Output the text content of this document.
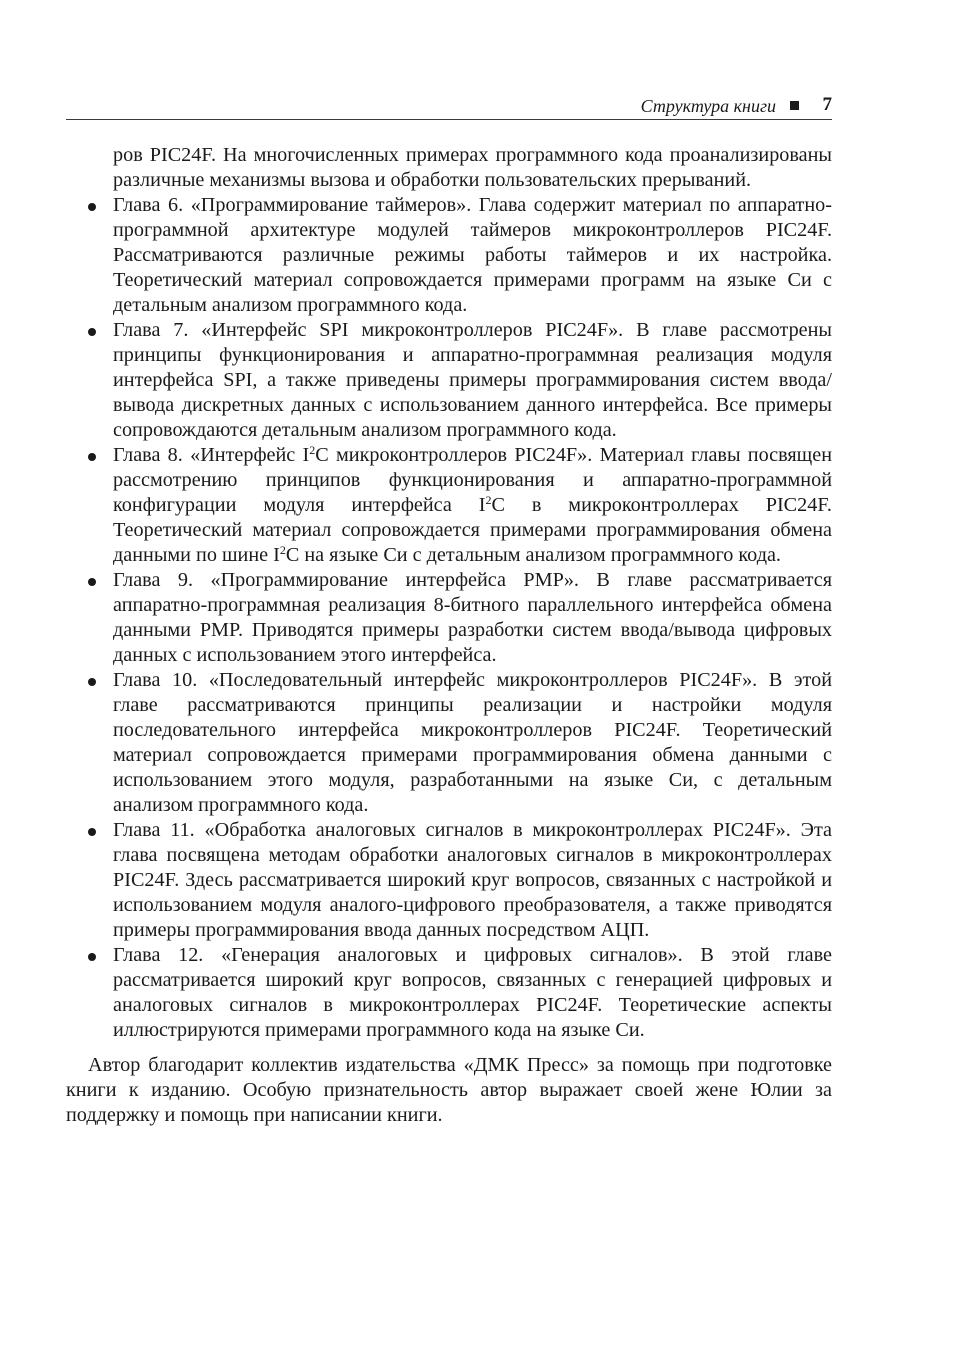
Структура книги 7

ров PIC24F. На многочисленных примерах программного кода проанализированы различные механизмы вызова и обработки пользовательских прерываний.

Глава 6. «Программирование таймеров». Глава содержит материал по аппаратно-программной архитектуре модулей таймеров микроконтроллеров PIC24F. Рассматриваются различные режимы работы таймеров и их настройка. Теоретический материал сопровождается примерами программ на языке Си с детальным анализом программного кода.
Глава 7. «Интерфейс SPI микроконтроллеров PIC24F». В главе рассмотрены принципы функционирования и аппаратно-программная реализация модуля интерфейса SPI, а также приведены примеры программирования систем ввода/вывода дискретных данных с использованием данного интерфейса. Все примеры сопровождаются детальным анализом программного кода.
Глава 8. «Интерфейс $I^2C$ микроконтроллеров PIC24F». Материал главы посвящен рассмотрению принципов функционирования и аппаратно-программной конфигурации модуля интерфейса $I^2C$ в микроконтроллерах PIC24F. Теоретический материал сопровождается примерами программирования обмена данными по шине $I^2C$ на языке Си с детальным анализом программного кода.
Глава 9. «Программирование интерфейса PMP». В главе рассматривается аппаратно-программная реализация 8-битного параллельного интерфейса обмена данными PMP. Приводятся примеры разработки систем ввода/вывода цифровых данных с использованием этого интерфейса.
Глава 10. «Последовательный интерфейс микроконтроллеров PIC24F». В этой главе рассматриваются принципы реализации и настройки модуля последовательного интерфейса микроконтроллеров PIC24F. Теоретический материал сопровождается примерами программирования обмена данными с использованием этого модуля, разработанными на языке Си, с детальным анализом программного кода.
Глава 11. «Обработка аналоговых сигналов в микроконтроллерах PIC24F». Эта глава посвящена методам обработки аналоговых сигналов в микроконтроллерах PIC24F. Здесь рассматривается широкий круг вопросов, связанных с настройкой и использованием модуля аналого-цифрового преобразователя, а также приводятся примеры программирования ввода данных посредством АЦП.
Глава 12. «Генерация аналоговых и цифровых сигналов». В этой главе рассматривается широкий круг вопросов, связанных с генерацией цифровых и аналоговых сигналов в микроконтроллерах PIC24F. Теоретические аспекты иллюстрируются примерами программного кода на языке Си.

Автор благодарит коллектив издательства «ДМК Пресс» за помощь при подготовке книги к изданию. Особую признательность автор выражает своей жене Юлии за поддержку и помощь при написании книги.
